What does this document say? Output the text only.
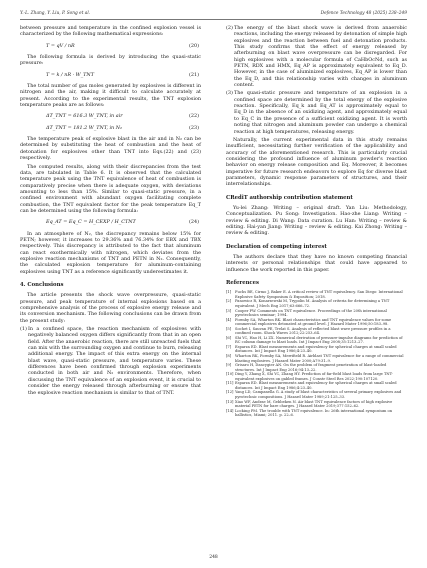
Y.-L. Zhang, Y. Liu, P. Song et al.	Defence Technology 48 (2025) 238–249

between pressure and temperature in the confined explosion vessel is characterized by the following mathematical expressions:

T = qV / nR	(20)

The following formula is derived by introducing the quasi-static pressure:

T = k / nR · W_TNT	(21)

The total number of gas moles generated by explosives is different in nitrogen and the air, making it difficult to calculate accurately at present. According to the experimental results, the TNT explosion temperature peaks are as follows:

ΔT_TNT = 616.3 W_TNT, in air	(22)
ΔT_TNT = 181.2 W_TNT, in N₂	(23)

The temperature peak of explosive blast in the air and in N₂ can be determined by substituting the heat of combustion and the heat of detonation for explosives other than TNT into Eqs.(22) and (23) respectively.

The computed results, along with their discrepancies from the test data, are tabulated in Table 6. It is observed that the calculated temperature peak using the TNT equivalence of heat of combustion is comparatively precise when there is adequate oxygen, with deviations amounting to less than 15%. Similar to quasi-static pressure, in a confined environment with abundant oxygen facilitating complete combustion, the TNT equivalent factor for the peak temperature Eq_T can be determined using the following formula:

Eq_AT = Eq_C = H_CEXP / H_CTNT	(24)

In an atmosphere of N₂, the discrepancy remains below 15% for PETN; however, it increases to 29.36% and 76.34% for EBX and TBX respectively. This discrepancy is attributed to the fact that aluminum can react exothermically with nitrogen, which deviates from the explosive reaction mechanisms of TNT and PETN in N₂. Consequently, the calculated explosion temperature for aluminum-containing explosives using TNT as a reference significantly underestimates it.

4. Conclusions

The article presents the shock wave overpressure, quasi-static pressure, and peak temperature of internal explosions based on a comprehensive analysis of the process of explosive energy release and its conversion mechanism. The following conclusions can be drawn from the present study:

(1) In a confined space, the reaction mechanism of explosives with negatively balanced oxygen differs significantly from that in an open field. After the anaerobic reaction, there are still unreacted fuels that can mix with the surrounding oxygen and continue to burn, releasing additional energy. The impact of this extra energy on the internal blast wave, quasi-static pressure, and temperature varies. These differences have been confirmed through explosion experiments conducted in both air and N₂ environments. Therefore, when discussing the TNT equivalence of an explosion event, it is crucial to consider the energy released through afterburning or ensure that the explosive reaction mechanism is similar to that of TNT.
(2) The energy of the blast shock wave is derived from anaerobic reactions, including the energy released by detonation of simple high explosives and the reaction between fuel and detonation products. This study confirms that the effect of energy released by afterburning on blast wave overpressure can be disregarded. For high explosives with a molecular formula of CaHbOcNd, such as PETN, RDX and HMX, Eq_AP is approximately equivalent to Eq_D. However, in the case of aluminized explosives, Eq_AP is lower than the Eq_D, and this relationship varies with changes in aluminum content.
(3) The quasi-static pressure and temperature of an explosion in a confined space are determined by the total energy of the explosive reaction. Specifically, Eq_k and Eq_AT is approximately equal to Eq_D in the absence of an oxidizing agent, and approximately equal to Eq_C in the presence of a sufficient oxidizing agent. It is worth noting that nitrogen and aluminum powder can undergo a chemical reaction at high temperatures, releasing energy.

Naturally, the current experimental data in this study remains insufficient, necessitating further verification of the applicability and accuracy of the aforementioned research. This is particularly crucial considering the profound influence of aluminum powder's reaction behavior on energy release composition and Eq. Moreover, it becomes imperative for future research endeavors to explore Eq for diverse blast parameters, dynamic response parameters of structures, and their interrelationships.

CRediT authorship contribution statement

Yu-lei Zhang: Writing – original draft. Yan Liu: Methodology, Conceptualization. Pu Song: Investigation. Hao-zhe Liang: Writing – review & editing. Di Wang: Data curation. Lu Han: Writing – review & editing. Hai-yan Jiang: Writing – review & editing. Kai Zhong: Writing – review & editing.

Declaration of competing interest

The authors declare that they have no known competing financial interests or personal relationships that could have appeared to influence the work reported in this paper.

References
[1]	Fuchs BE, Cirmo J, Baker E. A critical review of TNT equivalency. San Diego: International Explosive Safety Symposium & Exposition; 2018.
[2]	Panowicz R, Konarzewski M, Trypolin M. Analysis of criteria for determining a TNT equivalent. J Mech Eng 2017;63:666–72.
[3]	Cooper PW. Comments on TNT equivalence. Proceedings of the 20th international pyrotechnics seminar; 1994.
[4]	Formby SA, Wharton RK. Blast characteristics and TNT equivalence values for some commercial explosives detonated at ground level. J Hazard Mater 1996;50:183–98.
[5]	Sochet I, Sauvan PE, Trelat S. Analysis of reflected blast wave pressure profiles in a confined room. Shock Waves 2012;22:253–64.
[6]	Shi YC, Hao H, Li ZX. Numerical derivation of pressure-impulse diagrams for prediction of RC column damage to blast loads. Int J Impact Eng 2008;35:1213–27.
[7]	Esparza ED. Blast measurements and equivalency for spherical charges at small scaled distances. Int J Impact Eng 1986;4:23–40.
[8]	Wharton RK, Formby SA, Merrifield R. Airblast TNT equivalence for a range of commercial blasting explosives. J Hazard Mater 2000;A79:31–9.
[9]	Grisaro H, Dancygier AN. On the problem of fragment penetration of blast-loaded structures. Int J Impact Eng 2016;94:13–22.
[10] Ding Y, Zhang X, Shi YC, Zhang HY. Prediction of far-field blast loads from large TNT-equivalent explosives on gabled frames. J Constr Steel Res 2022;190:107120.
[11] Esparza ED. Blast measurements and equivalency for spherical charges at small scaled distances. Int J Impact Eng 1986;4:23–40.
[12] Yang LD, Campanella G. A study of blast characteristics of several primary explosives and pyrotechnic compositions. J Hazard Mater 1989;21:125–33.
[13] Xiao WF, Andrae M, Gebbeken N. Air blast TNT equivalence factors of high explosive material PETN for bare charges. J Hazard Mater 2019;377:152–62.
[14] Locking PM. The trouble with TNT equivalence. In: 26th international symposium on ballistics, Miami; 2011. p. 22–6.
248
